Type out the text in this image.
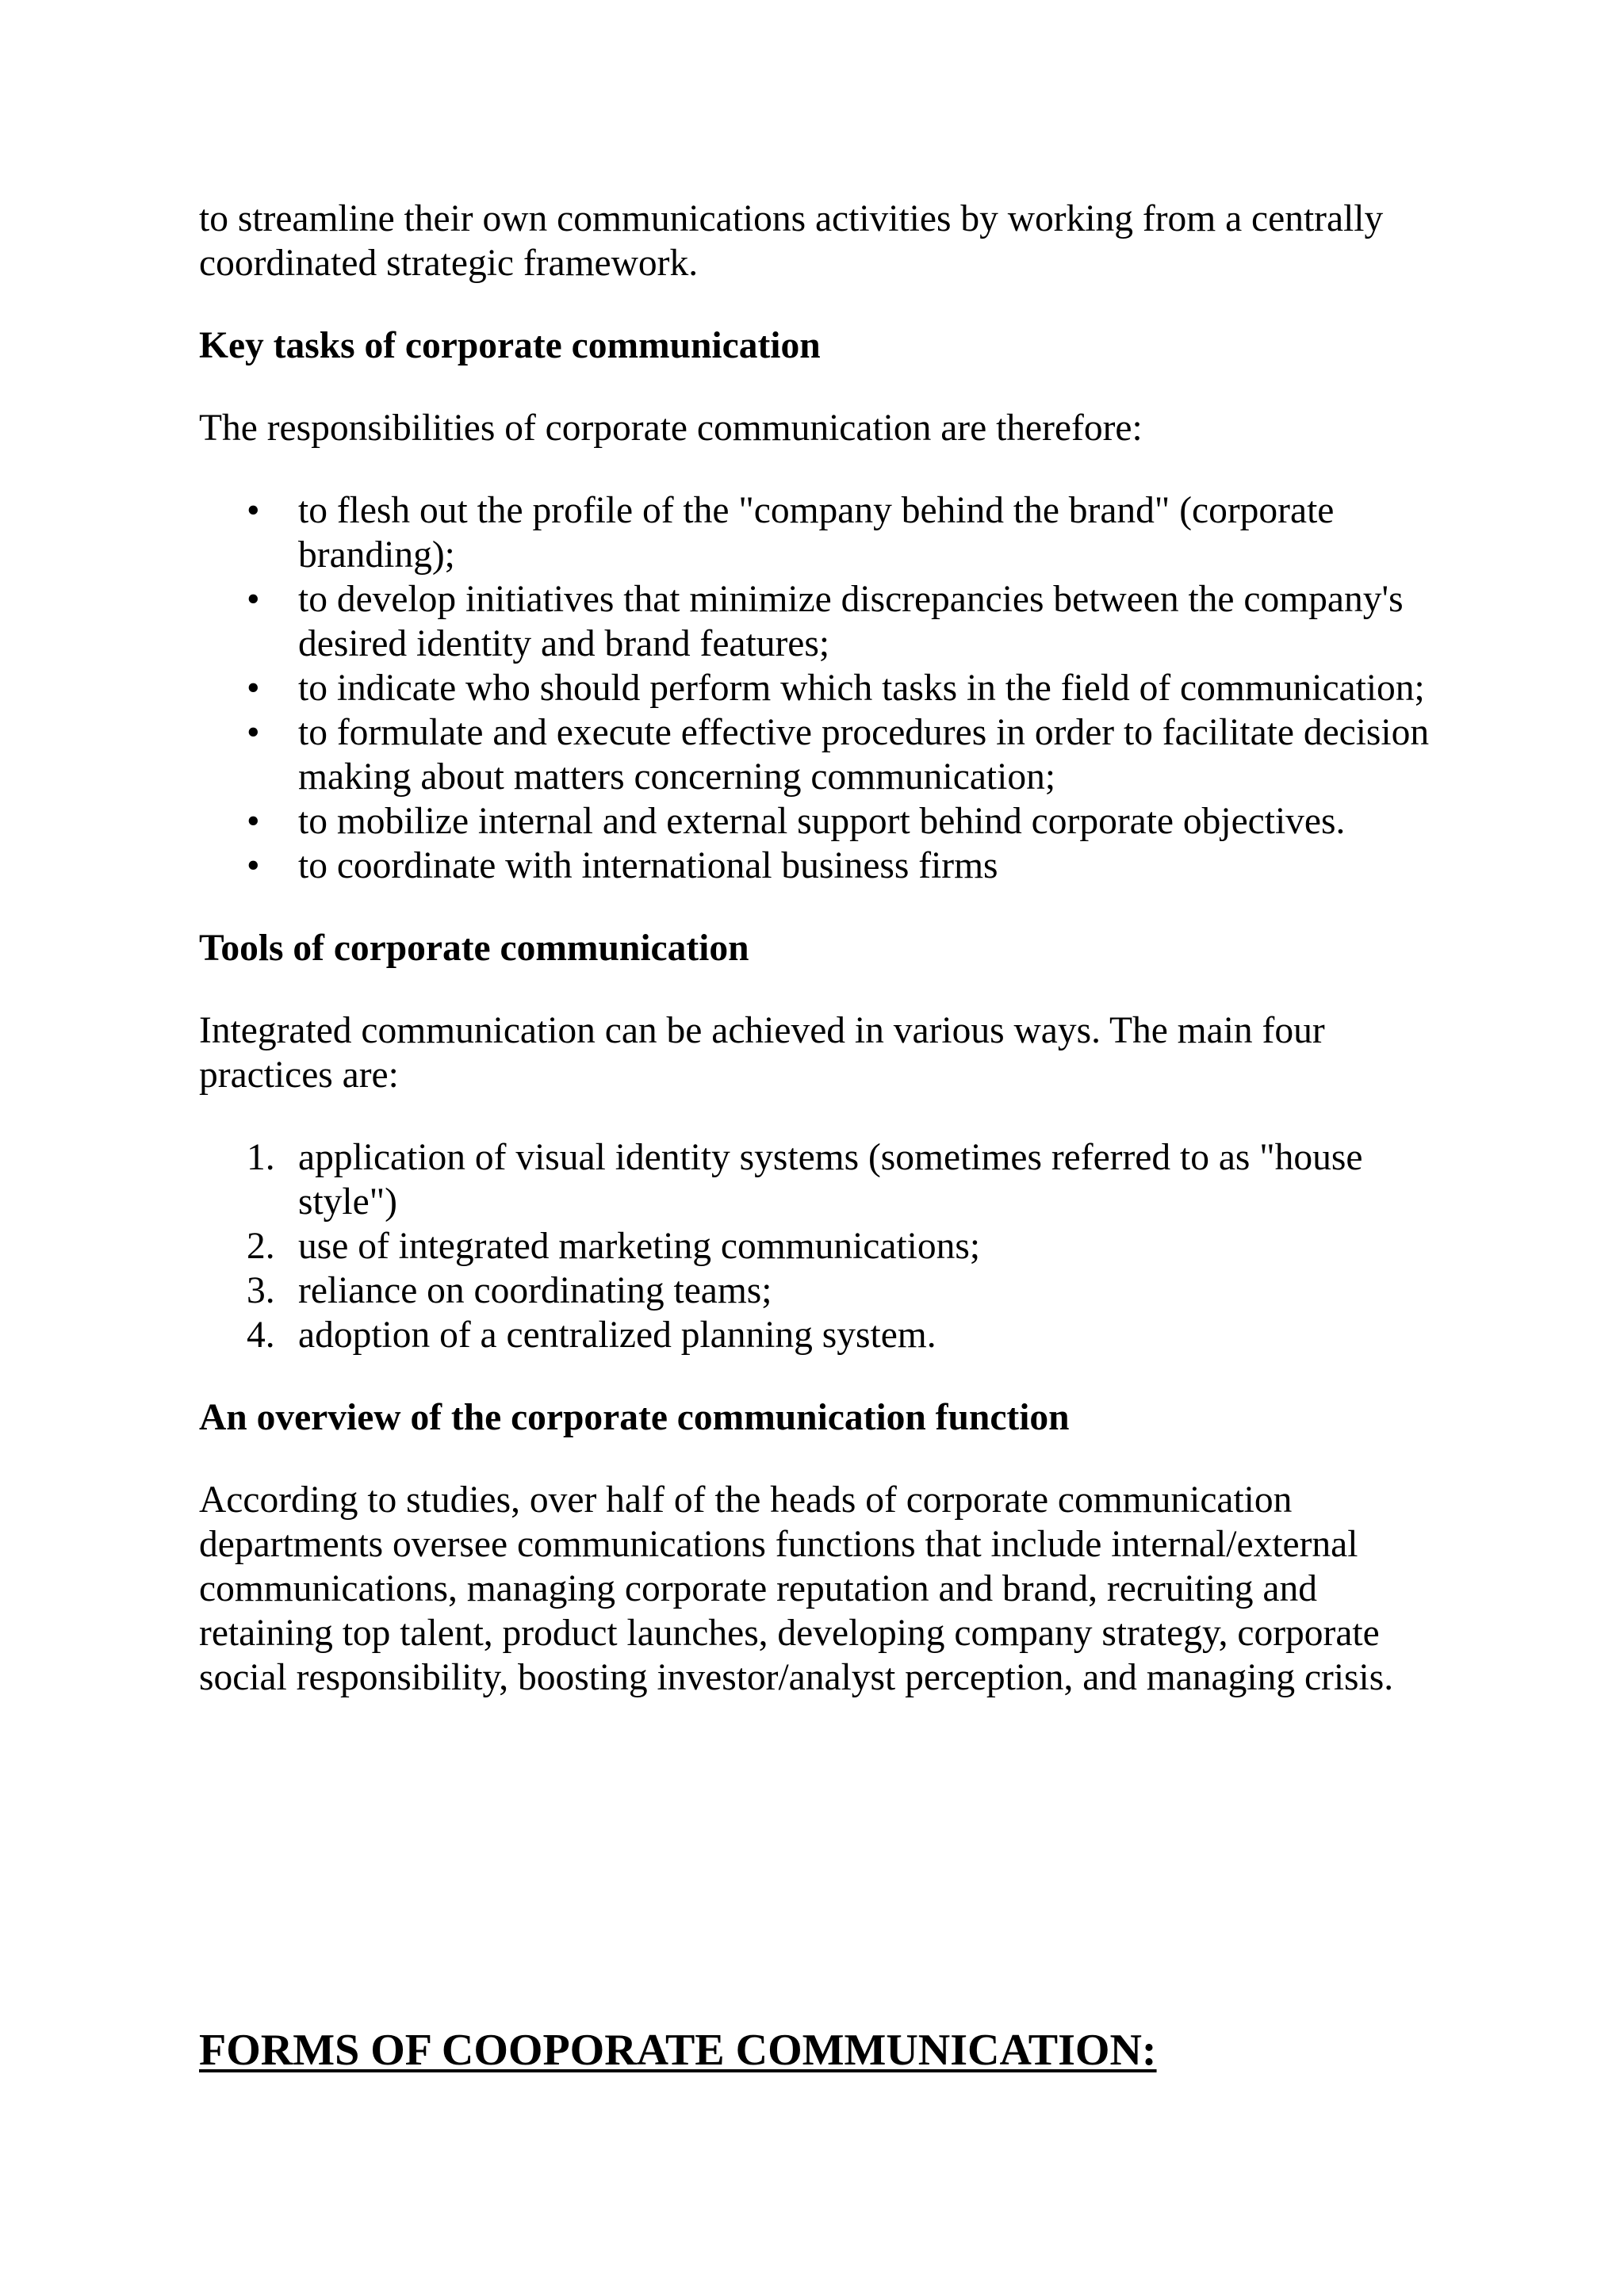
to streamline their own communications activities by working from a centrally coordinated strategic framework.

Key tasks of corporate communication

The responsibilities of corporate communication are therefore:

•	to flesh out the profile of the "company behind the brand" (corporate branding);
•	to develop initiatives that minimize discrepancies between the company's desired identity and brand features;
•	to indicate who should perform which tasks in the field of communication;
•	to formulate and execute effective procedures in order to facilitate decision making about matters concerning communication;
•	to mobilize internal and external support behind corporate objectives.
•	to coordinate with international business firms

Tools of corporate communication

Integrated communication can be achieved in various ways. The main four practices are:

1. application of visual identity systems (sometimes referred to as "house style")
2. use of integrated marketing communications;
3. reliance on coordinating teams;
4. adoption of a centralized planning system.

An overview of the corporate communication function

According to studies, over half of the heads of corporate communication departments oversee communications functions that include internal/external communications, managing corporate reputation and brand, recruiting and retaining top talent, product launches, developing company strategy, corporate social responsibility, boosting investor/analyst perception, and managing crisis.

FORMS OF COOPORATE COMMUNICATION:
